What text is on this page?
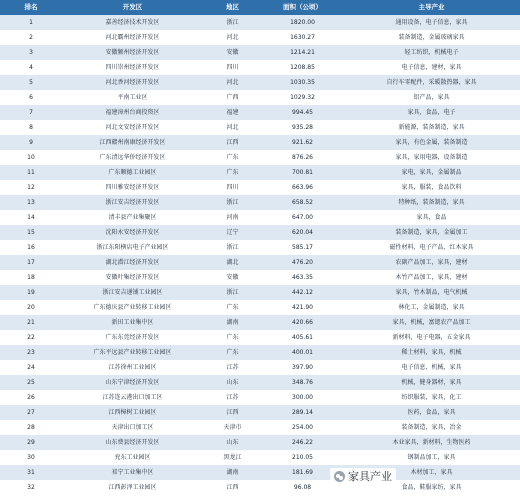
排名	开发区	地区	面积（公顷）	主导产业
1	嘉善经济技术开发区	浙江	1820.00	通用设备，电子信息，家具
2	河北霸州经济开发区	河北	1630.27	装备制造，金属玻璃家具
3	安徽颍州经济开发区	安徽	1214.21	轻工纺织，机械电子
4	四川崇州经济开发区	四川	1208.85	电子信息，建材，家具
5	河北香河经济开发区	河北	1030.35	自行车零配件，采暖散热器，家具
6	平南工业区	广西	1029.32	铝产品，家具
7	福建漳州台商投资区	福建	994.45	家具，食品，电子
8	河北文安经济开发区	河北	935.28	新能源，装备制造，家具
9	江西赣州南康经济开发区	江西	921.62	家具，有色金属，装备制造
10	广东清远华侨经济开发区	广东	876.26	家具，家用电器，设备制造
11	广东顺德工业园区	广东	700.81	家电，家具，金属制品
12	四川雅安经济开发区	四川	663.96	家具，服装，食品饮料
13	浙江安吉经济开发区	浙江	658.52	特种纸，装备制造，家具
14	清丰县产业集聚区	河南	647.00	家具，食品
15	沈阳永安经济开发区	辽宁	620.04	装备制造，家具，金属加工
16	浙江东阳横店电子产业园区	浙江	585.17	磁性材料，电子产品，红木家具
17	湖北潜江经济开发区	湖北	476.20	农副产品加工，家具，建材
18	安徽叶集经济开发区	安徽	463.35	木竹产品加工，家具，建材
19	浙江安吉递铺工业园区	浙江	442.12	家具，竹木制品，电气机械
20	广东德庆县产业转移工业园区	广东	421.90	林化工，金属制造，家具
21	新田工业集中区	湖南	420.66	家具，机械，富锶农产品加工
22	广东东莞经济开发区	广东	405.61	新材料，电子电器，五金家具
23	广东平远县产业转移工业园区	广东	400.01	稀土材料，家具，机械
24	江苏徐州工业园区	江苏	397.90	电子信息，机械，家具
25	山东宁津经济开发区	山东	348.76	机械，健身器材，家具
26	江苏连云港出口加工区	江苏	300.00	纺织服装，家具，化工
27	江西樟树工业园区	江西	289.14	医药，食品，家具
28	天津出口加工区	天津市	254.00	装备制造，家具，冶金
29	山东费县经济开发区	山东	246.22	木业家具，新材料，生物医药
30	兖东工业园区	黑龙江	210.05	钢制品加工，家具
31	祁宁工业集中区	湖南	181.69	木材加工，家具
32	江西彭泽工业园区	江西	96.08	食品，鞋服家纺，家具
家具产业
